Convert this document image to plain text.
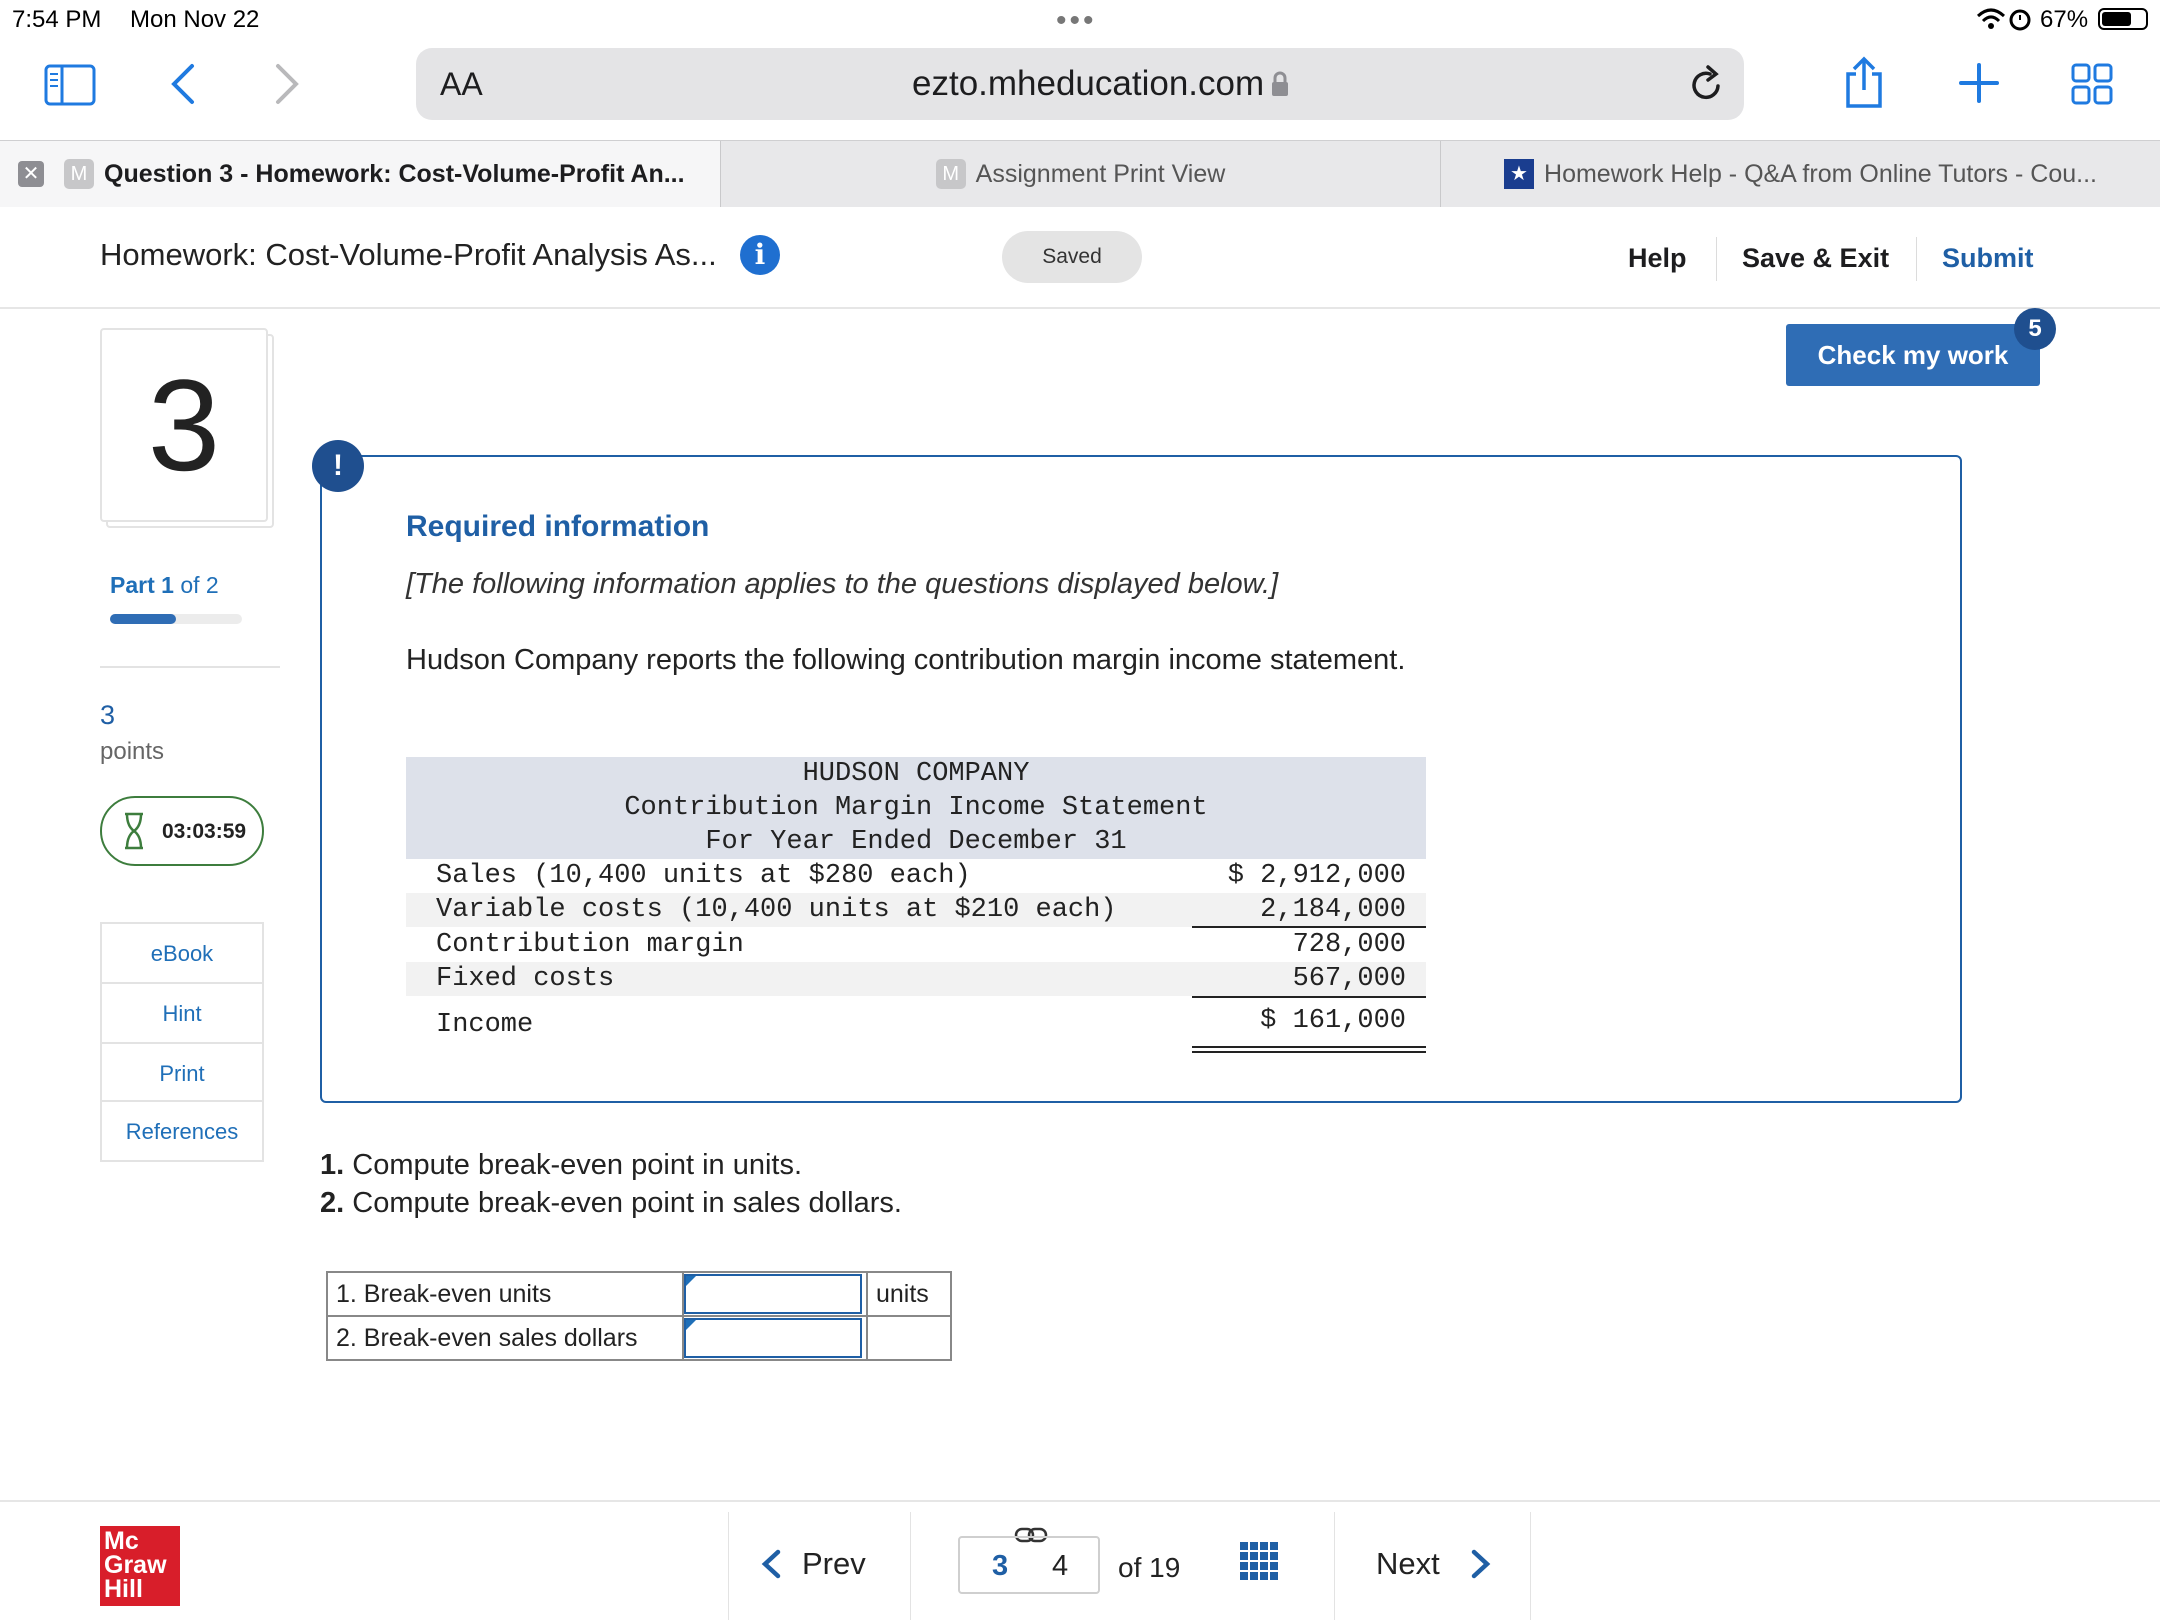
7:54 PM Mon Nov 22	•••	67%
AA	ezto.mheducation.com
✕	M Question 3 - Homework: Cost-Volume-Profit An...	M Assignment Print View	★ Homework Help - Q&A from Online Tutors - Cou...
Homework: Cost-Volume-Profit Analysis As...	i	Saved	Help Save & Exit Submit
Check my work
5
3
Part 1 of 2
3
points
03:03:59
eBook
Hint
Print
References
!
Required information
[The following information applies to the questions displayed below.]
Hudson Company reports the following contribution margin income statement.
HUDSON COMPANY
Contribution Margin Income Statement
For Year Ended December 31
Sales (10,400 units at $280 each)	$ 2,912,000
Variable costs (10,400 units at $210 each)	2,184,000
Contribution margin	728,000
Fixed costs	567,000
Income	$ 161,000
1. Compute break-even point in units.
2. Compute break-even point in sales dollars.
1. Break-even units		units
2. Break-even sales dollars	

Mc
Graw
Hill
Prev	3 4 of 19	Next
